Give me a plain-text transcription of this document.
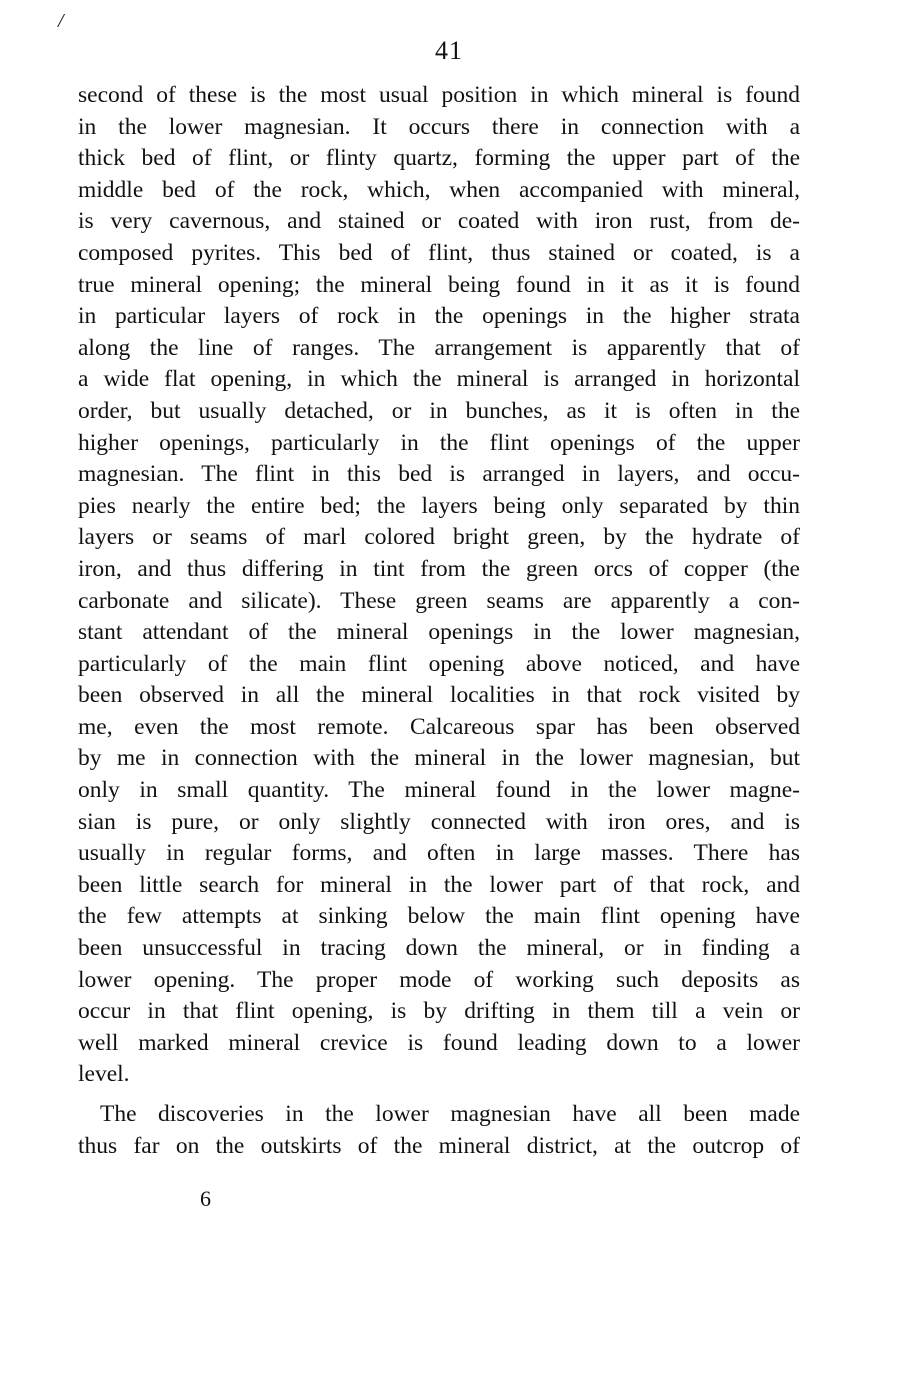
/
41
second of these is the most usual position in which mineral is found
in the lower magnesian. It occurs there in connection with a
thick bed of flint, or flinty quartz, forming the upper part of the
middle bed of the rock, which, when accompanied with mineral,
is very cavernous, and stained or coated with iron rust, from de-
composed pyrites. This bed of flint, thus stained or coated, is a
true mineral opening; the mineral being found in it as it is found
in particular layers of rock in the openings in the higher strata
along the line of ranges. The arrangement is apparently that of
a wide flat opening, in which the mineral is arranged in horizontal
order, but usually detached, or in bunches, as it is often in the
higher openings, particularly in the flint openings of the upper
magnesian. The flint in this bed is arranged in layers, and occu-
pies nearly the entire bed; the layers being only separated by thin
layers or seams of marl colored bright green, by the hydrate of
iron, and thus differing in tint from the green orcs of copper (the
carbonate and silicate). These green seams are apparently a con-
stant attendant of the mineral openings in the lower magnesian,
particularly of the main flint opening above noticed, and have
been observed in all the mineral localities in that rock visited by
me, even the most remote. Calcareous spar has been observed
by me in connection with the mineral in the lower magnesian, but
only in small quantity. The mineral found in the lower magne-
sian is pure, or only slightly connected with iron ores, and is
usually in regular forms, and often in large masses. There has
been little search for mineral in the lower part of that rock, and
the few attempts at sinking below the main flint opening have
been unsuccessful in tracing down the mineral, or in finding a
lower opening. The proper mode of working such deposits as
occur in that flint opening, is by drifting in them till a vein or
well marked mineral crevice is found leading down to a lower
level.
The discoveries in the lower magnesian have all been made
thus far on the outskirts of the mineral district, at the outcrop of
6
